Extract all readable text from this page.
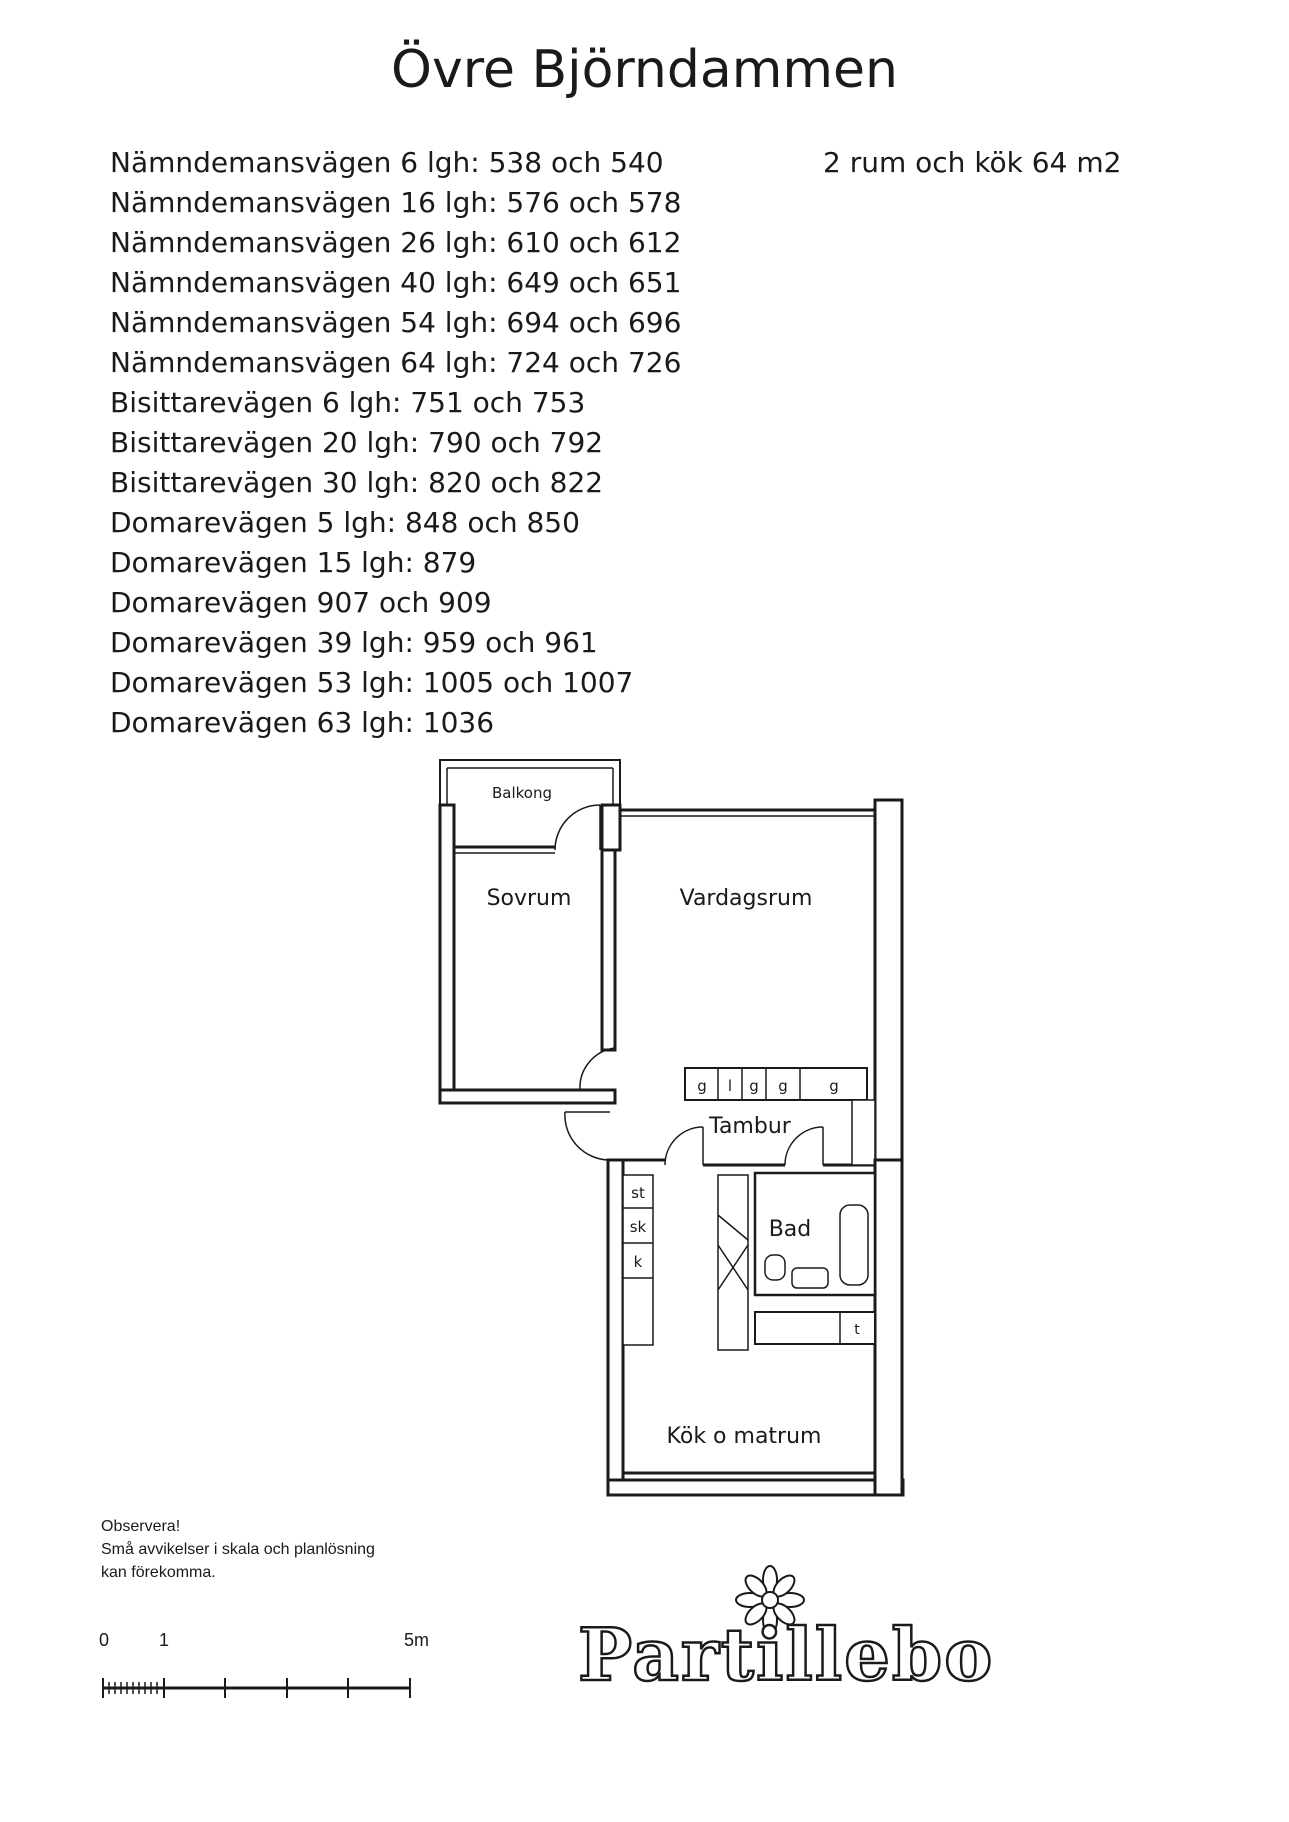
Övre Björndammen
Nämndemansvägen 6 lgh: 538 och 540
Nämndemansvägen 16 lgh: 576 och 578
Nämndemansvägen 26 lgh: 610 och 612
Nämndemansvägen 40 lgh: 649 och 651
Nämndemansvägen 54 lgh: 694 och 696
Nämndemansvägen 64 lgh: 724 och 726
Bisittarevägen 6 lgh: 751 och 753
Bisittarevägen 20 lgh: 790 och 792
Bisittarevägen 30 lgh: 820 och 822
Domarevägen 5 lgh: 848 och 850
Domarevägen 15 lgh: 879
Domarevägen 907 och 909
Domarevägen 39 lgh: 959 och 961
Domarevägen 53 lgh: 1005 och 1007
Domarevägen 63 lgh: 1036
2 rum och kök 64 m2
Sovrum	Vardagsrum
Balkong
Tambur
Bad
Kök o matrum
g l g g	g
st
sk
k
t
Observera!
Små avvikelser i skala och planlösning
kan förekomma.
0	1	5m Partillebo
